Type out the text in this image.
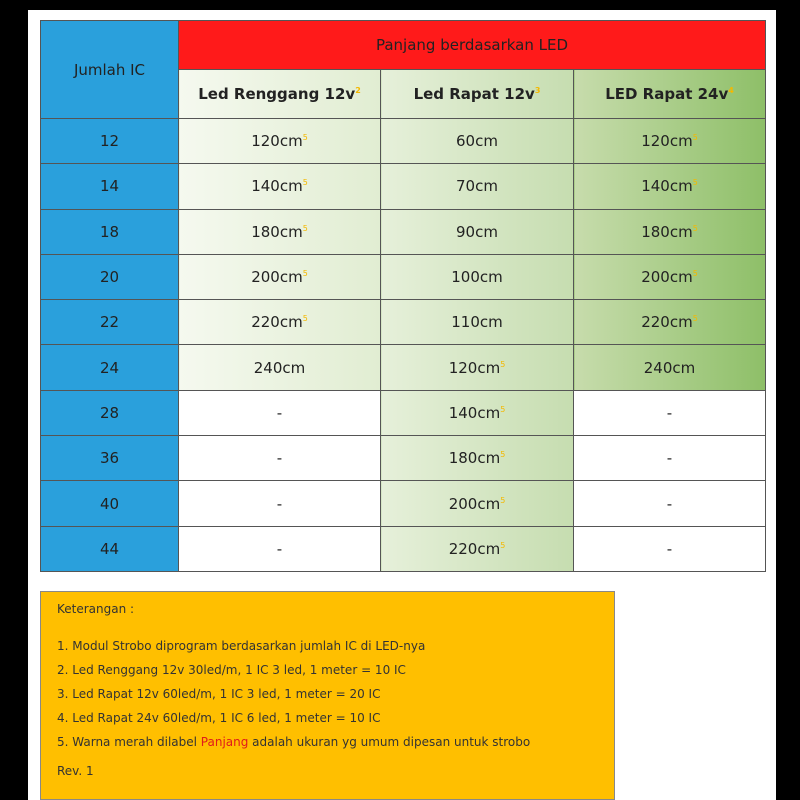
Jumlah IC	Panjang berdasarkan LED		
	Led Renggang $12v^2$	Led Rapat $12v^3$	LED Rapat $24v^4$
12	$120cm^5$	60cm	$120cm^5$
14	$140cm^5$	70cm	$140cm^5$
18	$180cm^5$	90cm	$180cm^5$
20	$200cm^5$	100cm	$200cm^5$
22	$220cm^5$	110cm	$220cm^5$
24	240cm	$120cm^5$	240cm
28	-	$140cm^5$	-
36	-	$180cm^5$	-
40	-	$200cm^5$	-
44	-	$220cm^5$	-
Keterangan :
1. Modul Strobo diprogram berdasarkan jumlah IC di LED-nya
2. Led Renggang 12v 30led/m, 1 IC 3 led, 1 meter = 10 IC
3. Led Rapat 12v 60led/m, 1 IC 3 led, 1 meter = 20 IC
4. Led Rapat 24v 60led/m, 1 IC 6 led, 1 meter = 10 IC
5. Warna merah dilabel Panjang adalah ukuran yg umum dipesan untuk strobo
Rev. 1
